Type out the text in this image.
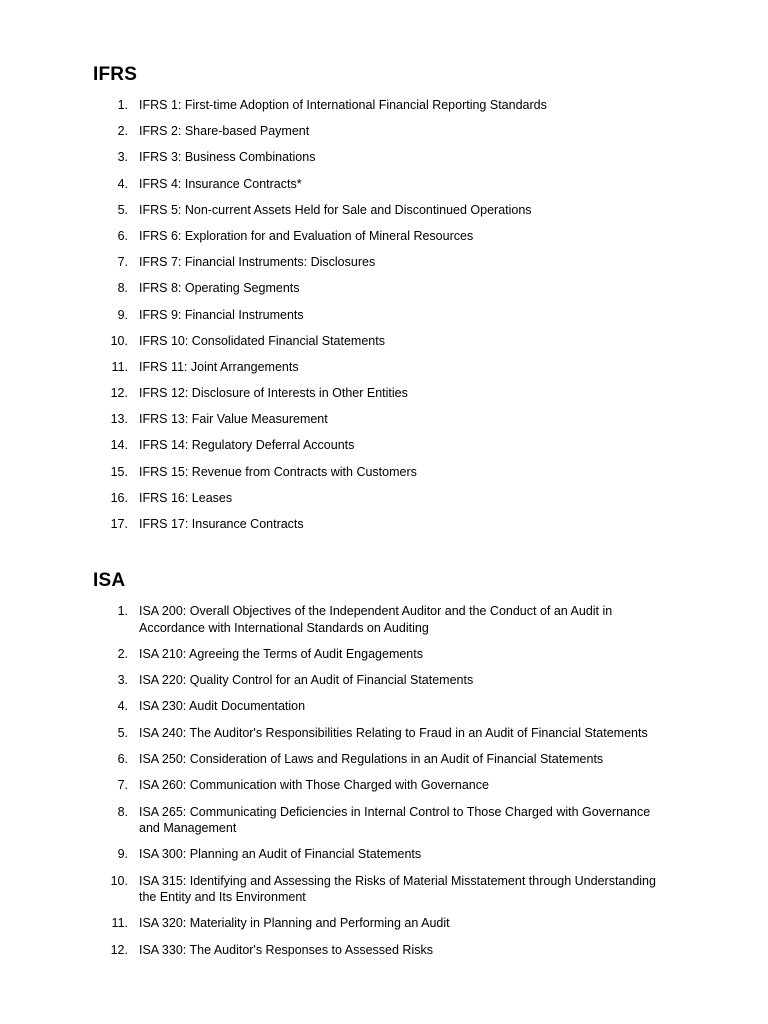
IFRS
1. IFRS 1: First-time Adoption of International Financial Reporting Standards
2. IFRS 2: Share-based Payment
3. IFRS 3: Business Combinations
4. IFRS 4: Insurance Contracts*
5. IFRS 5: Non-current Assets Held for Sale and Discontinued Operations
6. IFRS 6: Exploration for and Evaluation of Mineral Resources
7. IFRS 7: Financial Instruments: Disclosures
8. IFRS 8: Operating Segments
9. IFRS 9: Financial Instruments
10. IFRS 10: Consolidated Financial Statements
11. IFRS 11: Joint Arrangements
12. IFRS 12: Disclosure of Interests in Other Entities
13. IFRS 13: Fair Value Measurement
14. IFRS 14: Regulatory Deferral Accounts
15. IFRS 15: Revenue from Contracts with Customers
16. IFRS 16: Leases
17. IFRS 17: Insurance Contracts
ISA
1. ISA 200: Overall Objectives of the Independent Auditor and the Conduct of an Audit in Accordance with International Standards on Auditing
2. ISA 210: Agreeing the Terms of Audit Engagements
3. ISA 220: Quality Control for an Audit of Financial Statements
4. ISA 230: Audit Documentation
5. ISA 240: The Auditor's Responsibilities Relating to Fraud in an Audit of Financial Statements
6. ISA 250: Consideration of Laws and Regulations in an Audit of Financial Statements
7. ISA 260: Communication with Those Charged with Governance
8. ISA 265: Communicating Deficiencies in Internal Control to Those Charged with Governance and Management
9. ISA 300: Planning an Audit of Financial Statements
10. ISA 315: Identifying and Assessing the Risks of Material Misstatement through Understanding the Entity and Its Environment
11. ISA 320: Materiality in Planning and Performing an Audit
12. ISA 330: The Auditor's Responses to Assessed Risks
